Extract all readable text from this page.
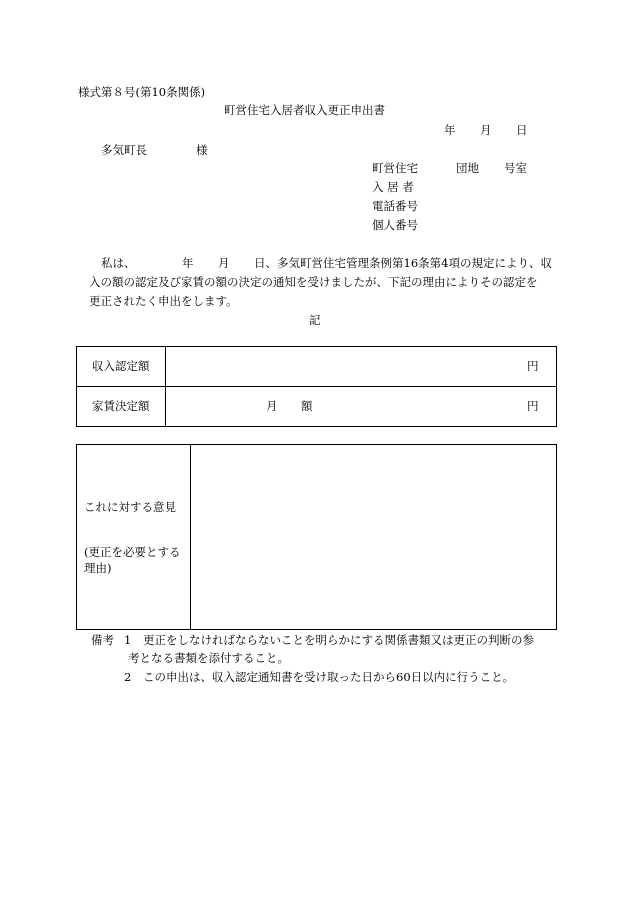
様式第８号(第10条関係)
町営住宅入居者収入更正申出書
年 月 日
多気町長	様
町営住宅	団地 号室
入 居 者
電話番号
個人番号
私は、	年 月 日、多気町営住宅管理条例第16条第4項の規定により、収
入の額の認定及び家賃の額の決定の通知を受けましたが、下記の理由によりその認定を
更正されたく申出をします。
記
収入認定額	円
家賃決定額	月 額	円
これに対する意見
(更正を必要とする
理由)
備考 1 更正をしなければならないことを明らかにする関係書類又は更正の判断の参
考となる書類を添付すること。
2 この申出は、収入認定通知書を受け取った日から60日以内に行うこと。
